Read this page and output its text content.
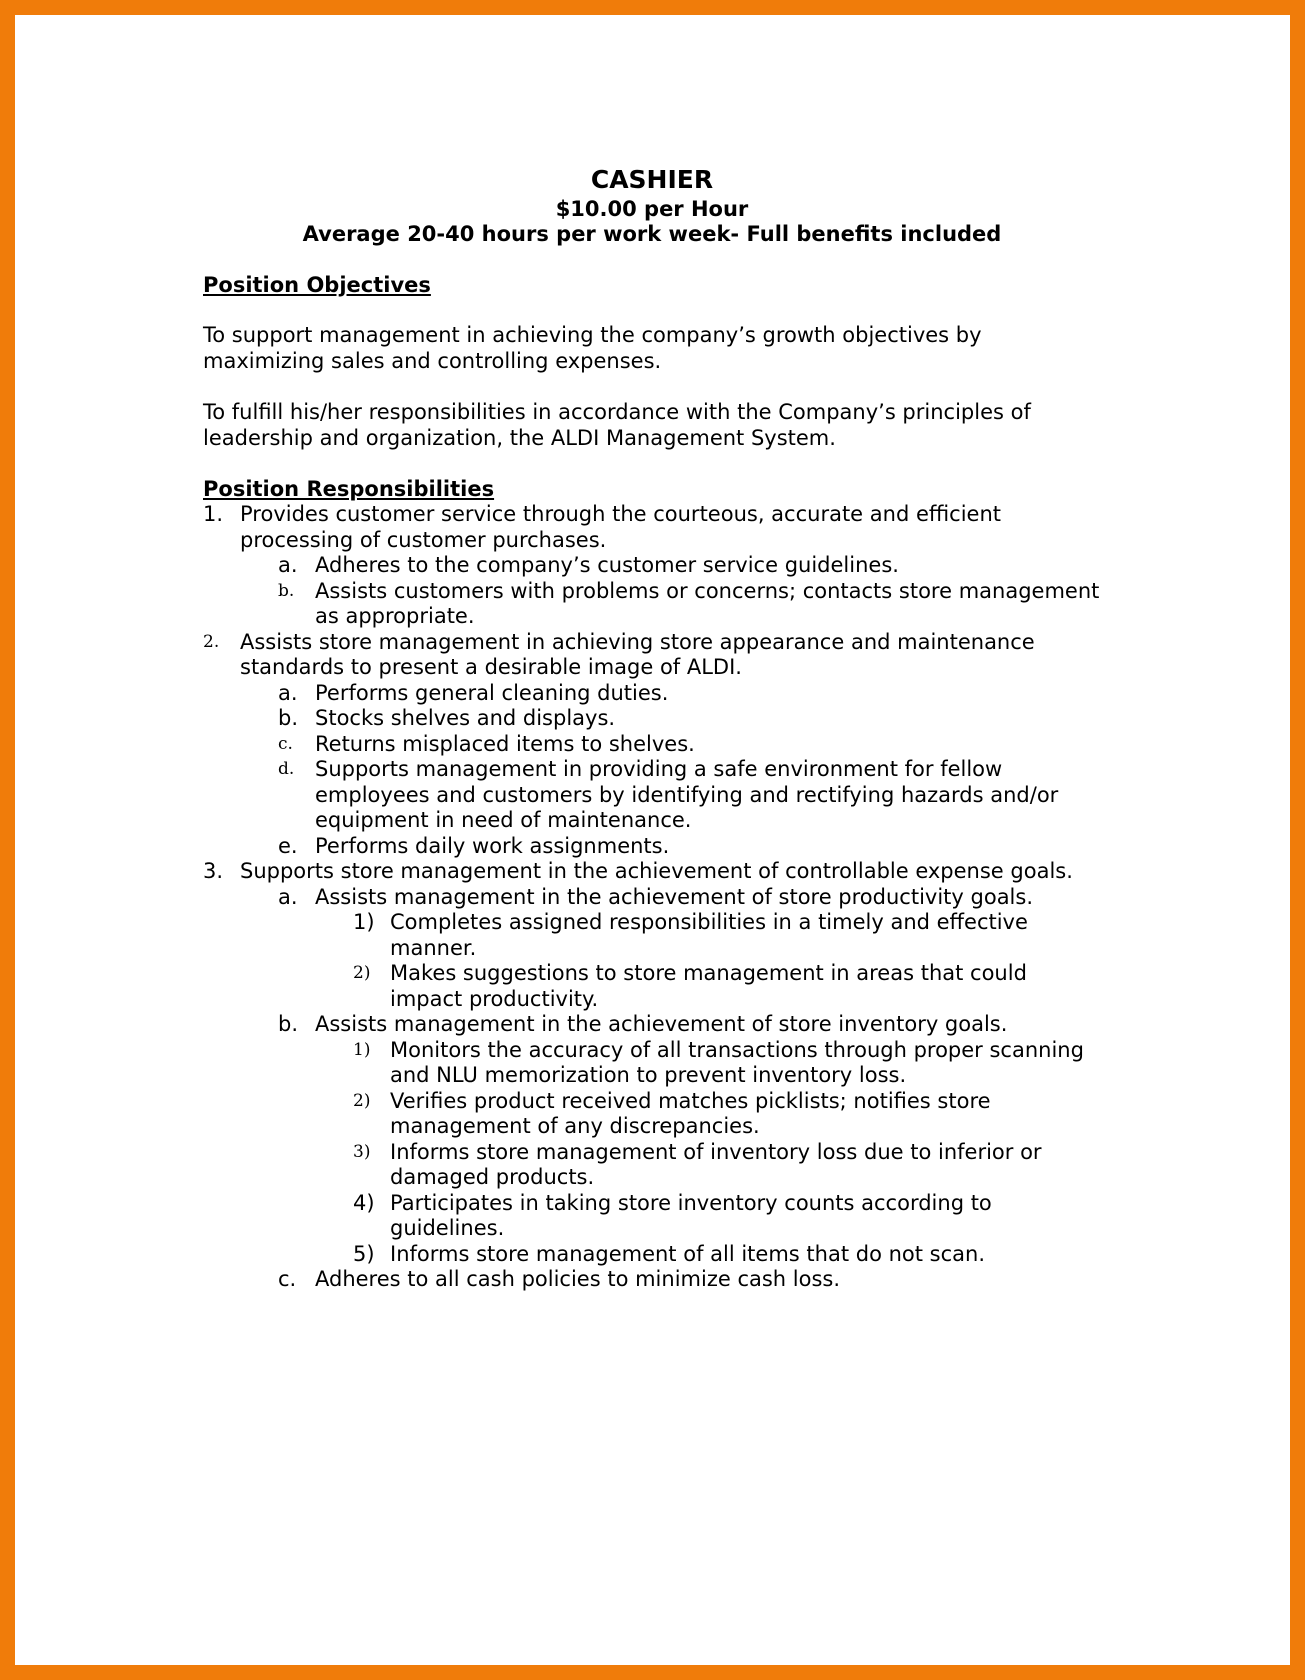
CASHIER
$10.00 per Hour
Average 20-40 hours per work week- Full benefits included
Position Objectives
To support management in achieving the company’s growth objectives by maximizing sales and controlling expenses.
To fulfill his/her responsibilities in accordance with the Company’s principles of leadership and organization, the ALDI Management System.
Position Responsibilities
1. Provides customer service through the courteous, accurate and efficient processing of customer purchases.
a. Adheres to the company’s customer service guidelines.
b. Assists customers with problems or concerns; contacts store management as appropriate.
2. Assists store management in achieving store appearance and maintenance standards to present a desirable image of ALDI.
a. Performs general cleaning duties.
b. Stocks shelves and displays.
c. Returns misplaced items to shelves.
d. Supports management in providing a safe environment for fellow employees and customers by identifying and rectifying hazards and/or equipment in need of maintenance.
e. Performs daily work assignments.
3. Supports store management in the achievement of controllable expense goals.
a. Assists management in the achievement of store productivity goals.
1) Completes assigned responsibilities in a timely and effective manner.
2) Makes suggestions to store management in areas that could impact productivity.
b. Assists management in the achievement of store inventory goals.
1) Monitors the accuracy of all transactions through proper scanning and NLU memorization to prevent inventory loss.
2) Verifies product received matches picklists; notifies store management of any discrepancies.
3) Informs store management of inventory loss due to inferior or damaged products.
4) Participates in taking store inventory counts according to guidelines.
5) Informs store management of all items that do not scan.
c. Adheres to all cash policies to minimize cash loss.
